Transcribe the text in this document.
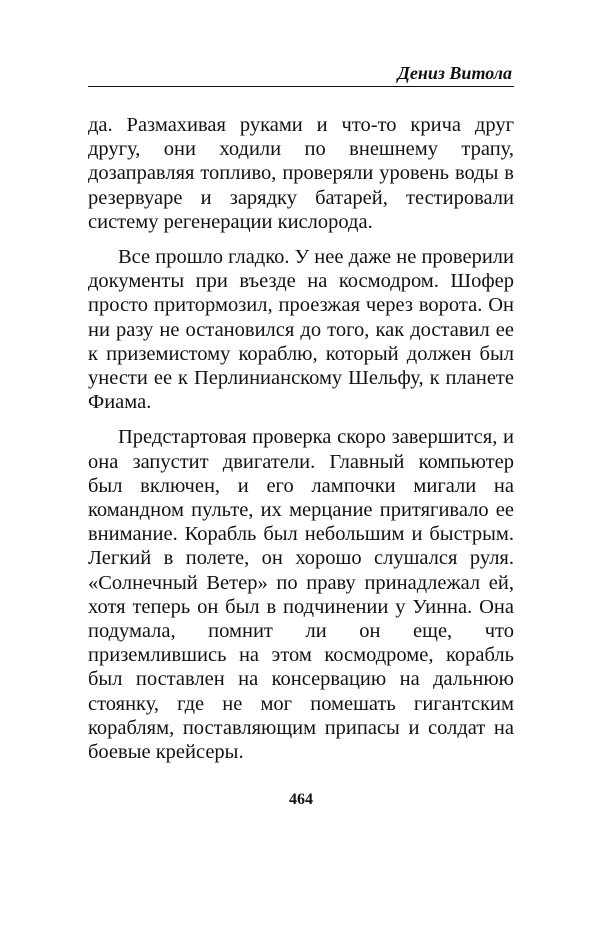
Дениз Витола

да. Размахивая руками и что-то крича друг другу, они ходили по внешнему трапу, дозаправляя топливо, проверяли уровень воды в резервуаре и зарядку батарей, тестировали систему регенерации кислорода.

Все прошло гладко. У нее даже не проверили документы при въезде на космодром. Шофер просто притормозил, проезжая через ворота. Он ни разу не остановился до того, как доставил ее к приземистому кораблю, который должен был унести ее к Перлинианскому Шельфу, к планете Фиама.

Предстартовая проверка скоро завершится, и она запустит двигатели. Главный компьютер был включен, и его лампочки мигали на командном пульте, их мерцание притягивало ее внимание. Корабль был небольшим и быстрым. Легкий в полете, он хорошо слушался руля. «Солнечный Ветер» по праву принадлежал ей, хотя теперь он был в подчинении у Уинна. Она подумала, помнит ли он еще, что приземлившись на этом космодроме, корабль был поставлен на консервацию на дальнюю стоянку, где не мог помешать гигантским кораблям, поставляющим припасы и солдат на боевые крейсеры.

464
